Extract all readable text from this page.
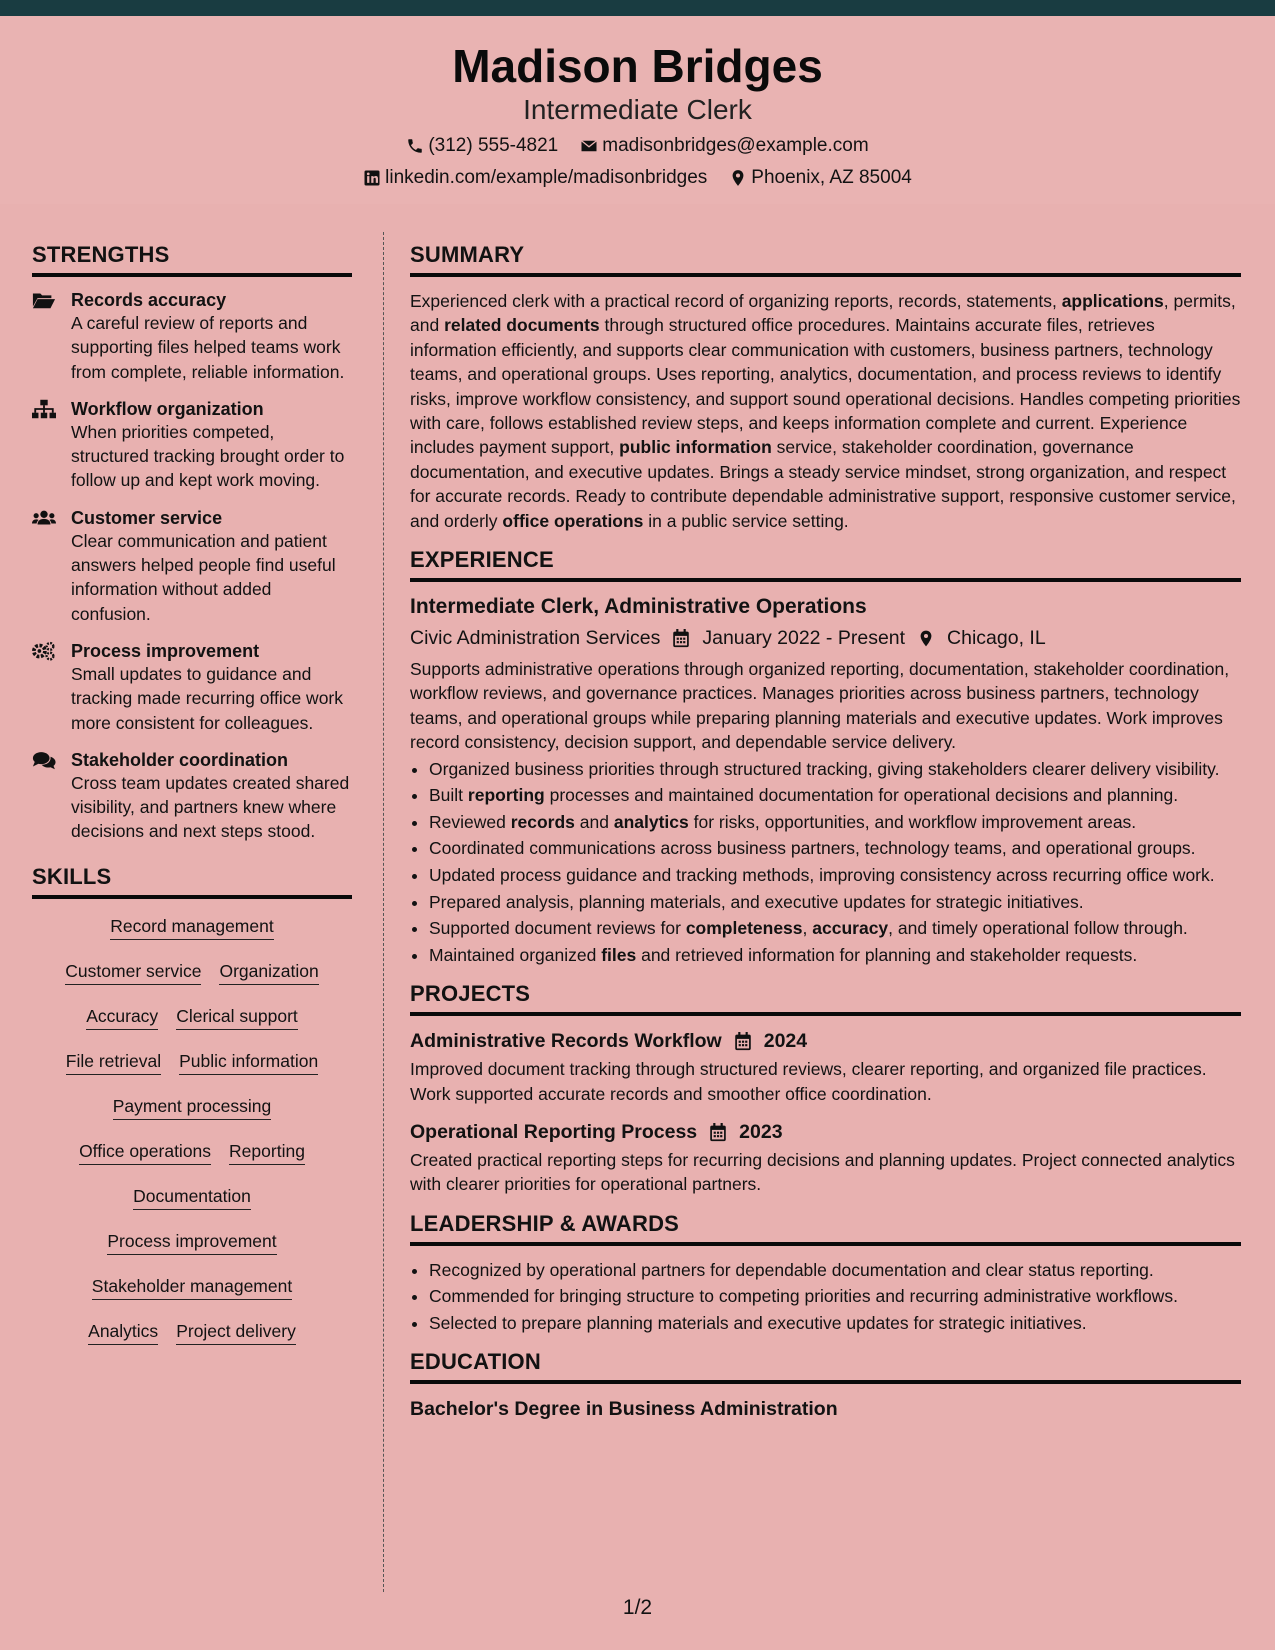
Madison Bridges
Intermediate Clerk
(312) 555-4821 madisonbridges@example.com
linkedin.com/example/madisonbridges Phoenix, AZ 85004
STRENGTHS
Records accuracy
A careful review of reports and supporting files helped teams work from complete, reliable information.
Workflow organization
When priorities competed, structured tracking brought order to follow up and kept work moving.
Customer service
Clear communication and patient answers helped people find useful information without added confusion.
Process improvement
Small updates to guidance and tracking made recurring office work more consistent for colleagues.
Stakeholder coordination
Cross team updates created shared visibility, and partners knew where decisions and next steps stood.
SKILLS
Record management
Customer service Organization
Accuracy Clerical support
File retrieval Public information
Payment processing
Office operations Reporting
Documentation
Process improvement
Stakeholder management
Analytics Project delivery
SUMMARY

Experienced clerk with a practical record of organizing reports, records, statements, applications, permits, and related documents through structured office procedures. Maintains accurate files, retrieves information efficiently, and supports clear communication with customers, business partners, technology teams, and operational groups. Uses reporting, analytics, documentation, and process reviews to identify risks, improve workflow consistency, and support sound operational decisions. Handles competing priorities with care, follows established review steps, and keeps information complete and current. Experience includes payment support, public information service, stakeholder coordination, governance documentation, and executive updates. Brings a steady service mindset, strong organization, and respect for accurate records. Ready to contribute dependable administrative support, responsive customer service, and orderly office operations in a public service setting.

EXPERIENCE
Intermediate Clerk, Administrative Operations
Civic Administration Services January 2022 - Present Chicago, IL

Supports administrative operations through organized reporting, documentation, stakeholder coordination, workflow reviews, and governance practices. Manages priorities across business partners, technology teams, and operational groups while preparing planning materials and executive updates. Work improves record consistency, decision support, and dependable service delivery.

• Organized business priorities through structured tracking, giving stakeholders clearer delivery visibility.
• Built reporting processes and maintained documentation for operational decisions and planning.
• Reviewed records and analytics for risks, opportunities, and workflow improvement areas.
• Coordinated communications across business partners, technology teams, and operational groups.
• Updated process guidance and tracking methods, improving consistency across recurring office work.
• Prepared analysis, planning materials, and executive updates for strategic initiatives.
• Supported document reviews for completeness, accuracy, and timely operational follow through.
• Maintained organized files and retrieved information for planning and stakeholder requests.
PROJECTS
Administrative Records Workflow 2024

Improved document tracking through structured reviews, clearer reporting, and organized file practices. Work supported accurate records and smoother office coordination.

Operational Reporting Process 2023

Created practical reporting steps for recurring decisions and planning updates. Project connected analytics with clearer priorities for operational partners.

LEADERSHIP & AWARDS
• Recognized by operational partners for dependable documentation and clear status reporting.
• Commended for bringing structure to competing priorities and recurring administrative workflows.
• Selected to prepare planning materials and executive updates for strategic initiatives.
EDUCATION
Bachelor's Degree in Business Administration
1/2
